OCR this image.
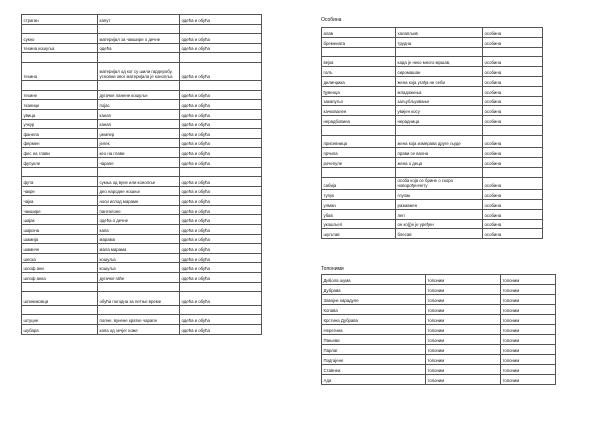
страган	капут	одећа и обућа

сукно	материјал за чакшире о дечне	одећа и обућа
техина кошуља	одећа	одећа и обућа

техина	материјал од ког су шили гардеробу, усновни овог материјала је конопља	одећа и обућа

техине	дугачке ланене кошуље	одећа и обућа
тканице	појас	одећа и обућа
увица	канап	одећа и обућа
учкур	канап	одећа и обућа
фанела	џемпер	одећа и обућа
фермен	јелек	одећа и обућа
фес на глави	кео на глави	одећа и обућа
фусуклe	чарапе	одећа и обућа

фута	сукња од вуне или конопље	одећа и обућа
чакре	део народне ношње	одећа и обућа
чајка	носи испод мараме	одећа и обућа
чакшире	панталоне	одећа и обућа
шајак	одећа о дечне	одећа и обућа
шајкача	капа	одећа и обућа
шамија	марама	одећа и обућа
шамиче	мала марама	одећа и обућа
шескa	кошуља	одећа и обућа
шлоф ани	кошуља	одећа и обућа
шлоф анка	дугачке гаће	одећа и обућа

шлиниковци	обућа погодна за летње време	одећа и обућа

штуцне	полне, вунене кратке чарапе	одећа и обућа
шубара	капа од зечјег коже	одећа и обућа
Особина
алав	халапљив	особина
бремената	трудна	особина

вејка	када је неко много мршав,	особина
голъ	сиромашан	особина
дилинџика	жена која угађа не себи	особина
ђувенџа	младожења	особина
закапуљо	заљубљуивање	особина
качковален	увијен косу	особина
нерадбовина	нерадница	особина

присевница	жена која измерава друге људе	особина
прчила	прави се вална	особина
рочепуле	жена о деца	особина

сабија	особа која се брине о скоро новорођенчету	особина
тупук	глупак	особина
улман	размажен	особина
убав	леп	особина
укошљеп	он ко(ј)е је уређен	особина
шуљтав	блесав	особина
Топоними
Дибола шума	топоним	топоним
Дубрава	топоним	топоним
Завојне карадуле	топоним	топоним
Копава	топоним	топоним
Крстина Дубрава	топоним	топоним
Нерегина	топоним	топоним
Пањеви	топоним	топоним
Парлаг	топоним	топоним
Подгајене	топоним	топоним
Ставнеи	топоним	топоним
Ада	топоним	топоним
